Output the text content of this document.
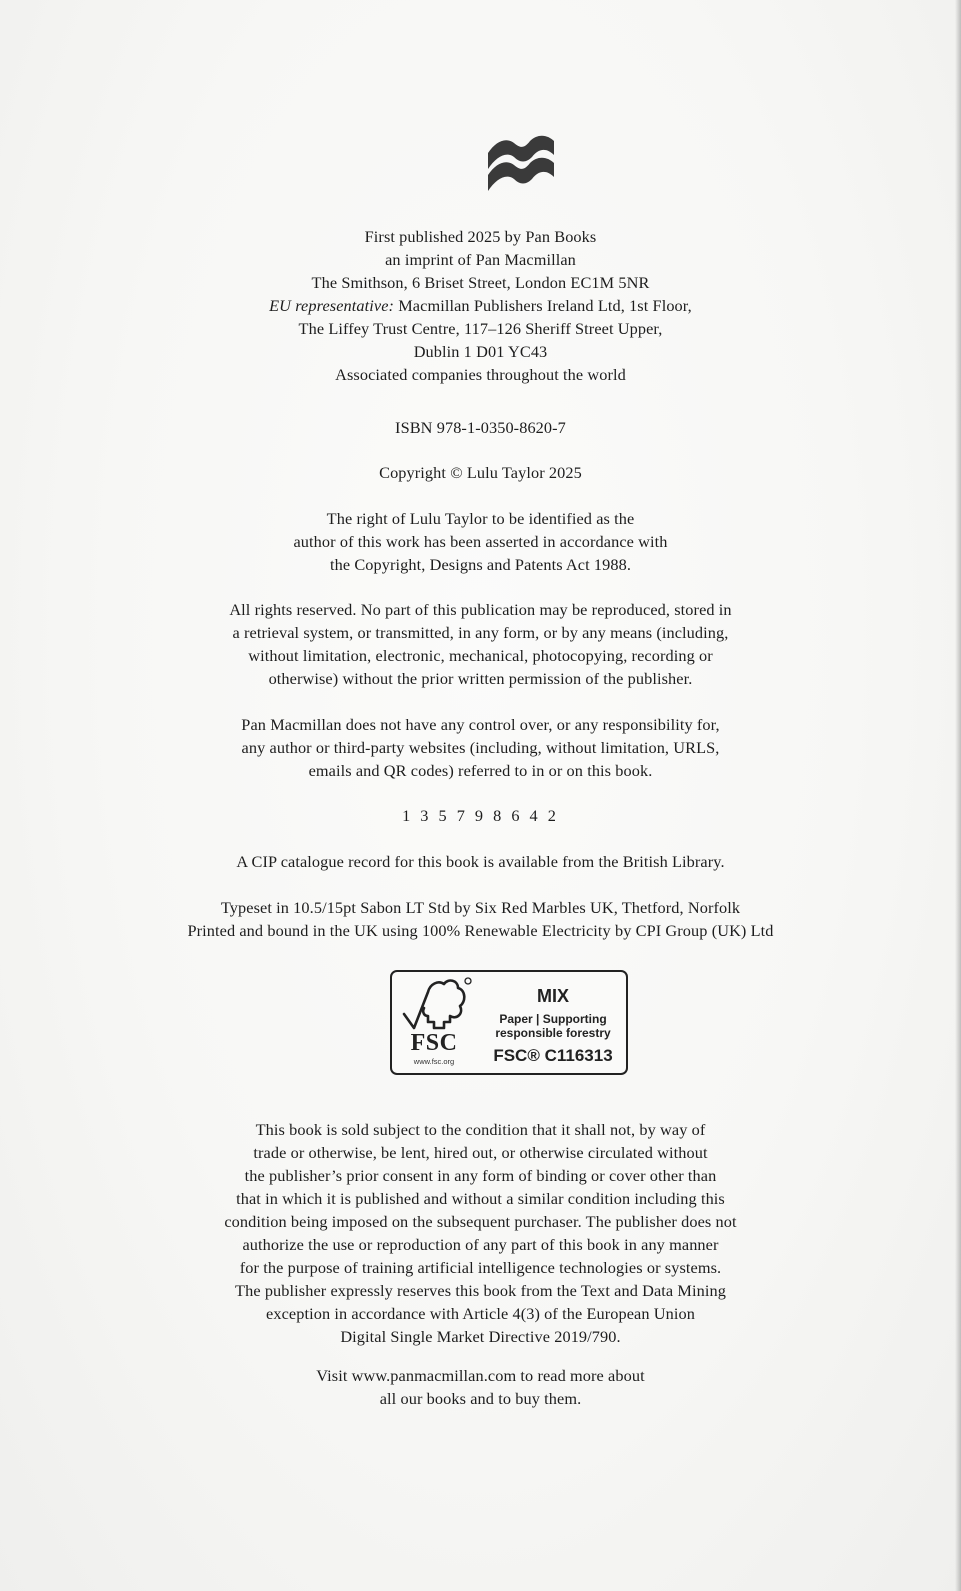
First published 2025 by Pan Books
an imprint of Pan Macmillan
The Smithson, 6 Briset Street, London EC1M 5NR
EU representative: Macmillan Publishers Ireland Ltd, 1st Floor,
The Liffey Trust Centre, 117–126 Sheriff Street Upper,
Dublin 1 D01 YC43
Associated companies throughout the world
ISBN 978-1-0350-8620-7
Copyright © Lulu Taylor 2025
The right of Lulu Taylor to be identified as the
author of this work has been asserted in accordance with
the Copyright, Designs and Patents Act 1988.
All rights reserved. No part of this publication may be reproduced, stored in
a retrieval system, or transmitted, in any form, or by any means (including,
without limitation, electronic, mechanical, photocopying, recording or
otherwise) without the prior written permission of the publisher.
Pan Macmillan does not have any control over, or any responsibility for,
any author or third-party websites (including, without limitation, URLS,
emails and QR codes) referred to in or on this book.
1 3 5 7 9 8 6 4 2
A CIP catalogue record for this book is available from the British Library.
Typeset in 10.5/15pt Sabon LT Std by Six Red Marbles UK, Thetford, Norfolk
Printed and bound in the UK using 100% Renewable Electricity by CPI Group (UK) Ltd
FSC
www.fsc.org
MIX
Paper | Supporting
responsible forestry
FSC® C116313
This book is sold subject to the condition that it shall not, by way of
trade or otherwise, be lent, hired out, or otherwise circulated without
the publisher’s prior consent in any form of binding or cover other than
that in which it is published and without a similar condition including this
condition being imposed on the subsequent purchaser. The publisher does not
authorize the use or reproduction of any part of this book in any manner
for the purpose of training artificial intelligence technologies or systems.
The publisher expressly reserves this book from the Text and Data Mining
exception in accordance with Article 4(3) of the European Union
Digital Single Market Directive 2019/790.
Visit www.panmacmillan.com to read more about
all our books and to buy them.
